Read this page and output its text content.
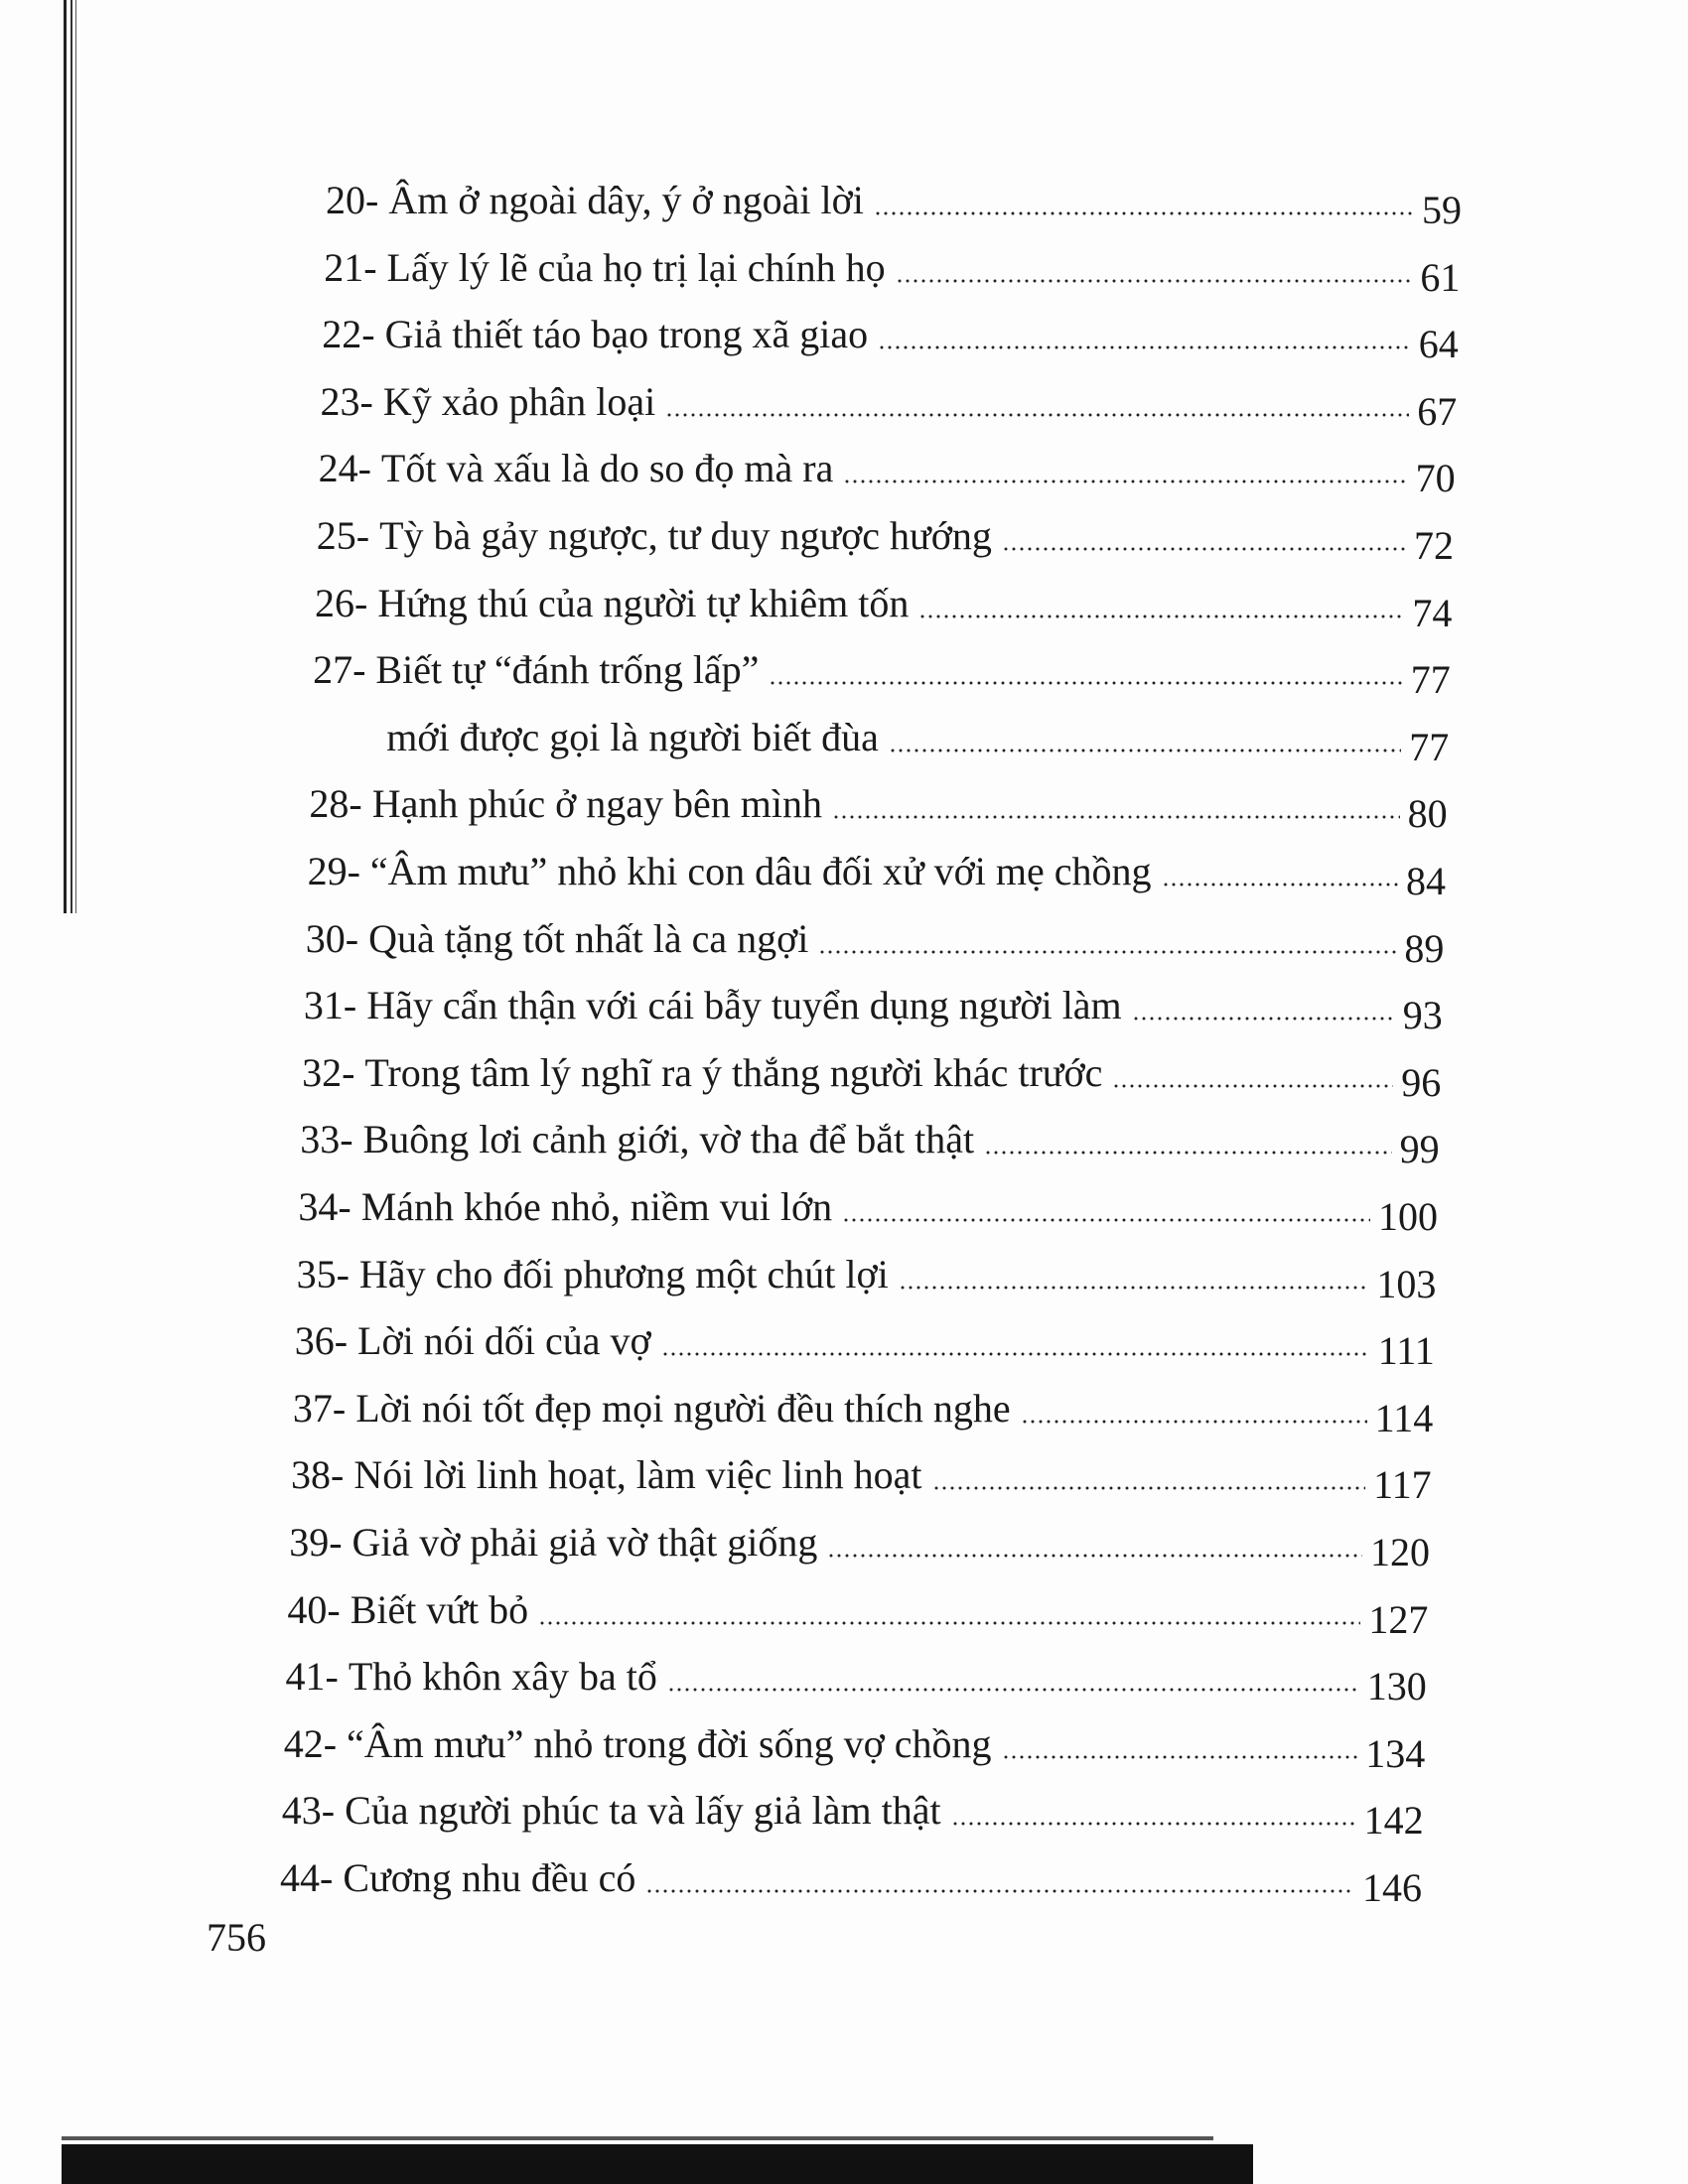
20- Âm ở ngoài dây, ý ở ngoài lời	59
21- Lấy lý lẽ của họ trị lại chính họ	61
22- Giả thiết táo bạo trong xã giao	64
23- Kỹ xảo phân loại	67
24- Tốt và xấu là do so đọ mà ra	70
25- Tỳ bà gảy ngược, tư duy ngược hướng	72
26- Hứng thú của người tự khiêm tốn	74
27- Biết tự “đánh trống lấp”	77
mới được gọi là người biết đùa	77
28- Hạnh phúc ở ngay bên mình	80
29- “Âm mưu” nhỏ khi con dâu đối xử với mẹ chồng	84
30- Quà tặng tốt nhất là ca ngợi	89
31- Hãy cẩn thận với cái bẫy tuyển dụng người làm	93
32- Trong tâm lý nghĩ ra ý thắng người khác trước	96
33- Buông lơi cảnh giới, vờ tha để bắt thật	99
34- Mánh khóe nhỏ, niềm vui lớn	100
35- Hãy cho đối phương một chút lợi	103
36- Lời nói dối của vợ	111
37- Lời nói tốt đẹp mọi người đều thích nghe	114
38- Nói lời linh hoạt, làm việc linh hoạt	117
39- Giả vờ phải giả vờ thật giống	120
40- Biết vứt bỏ	127
41- Thỏ khôn xây ba tổ	130
42- “Âm mưu” nhỏ trong đời sống vợ chồng	134
43- Của người phúc ta và lấy giả làm thật	142
44- Cương nhu đều có	146
756
